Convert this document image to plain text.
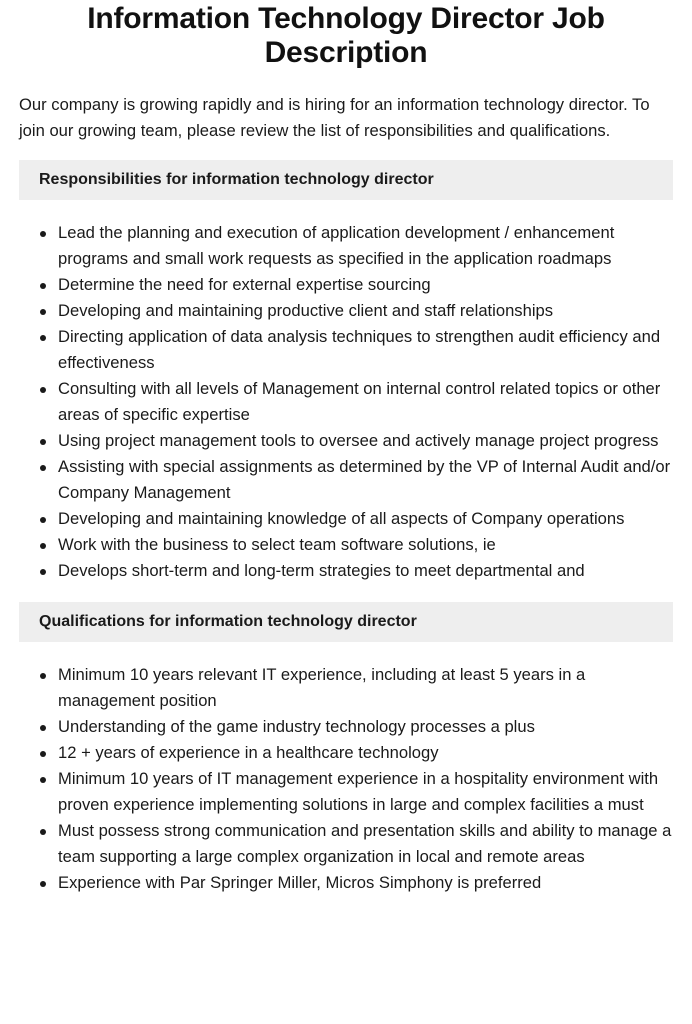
Information Technology Director Job Description

Our company is growing rapidly and is hiring for an information technology director. To join our growing team, please review the list of responsibilities and qualifications.

Responsibilities for information technology director
Lead the planning and execution of application development / enhancement programs and small work requests as specified in the application roadmaps
Determine the need for external expertise sourcing
Developing and maintaining productive client and staff relationships
Directing application of data analysis techniques to strengthen audit efficiency and effectiveness
Consulting with all levels of Management on internal control related topics or other areas of specific expertise
Using project management tools to oversee and actively manage project progress
Assisting with special assignments as determined by the VP of Internal Audit and/or Company Management
Developing and maintaining knowledge of all aspects of Company operations
Work with the business to select team software solutions, ie
Develops short-term and long-term strategies to meet departmental and
Qualifications for information technology director
Minimum 10 years relevant IT experience, including at least 5 years in a management position
Understanding of the game industry technology processes a plus
12 + years of experience in a healthcare technology
Minimum 10 years of IT management experience in a hospitality environment with proven experience implementing solutions in large and complex facilities a must
Must possess strong communication and presentation skills and ability to manage a team supporting a large complex organization in local and remote areas
Experience with Par Springer Miller, Micros Simphony is preferred
